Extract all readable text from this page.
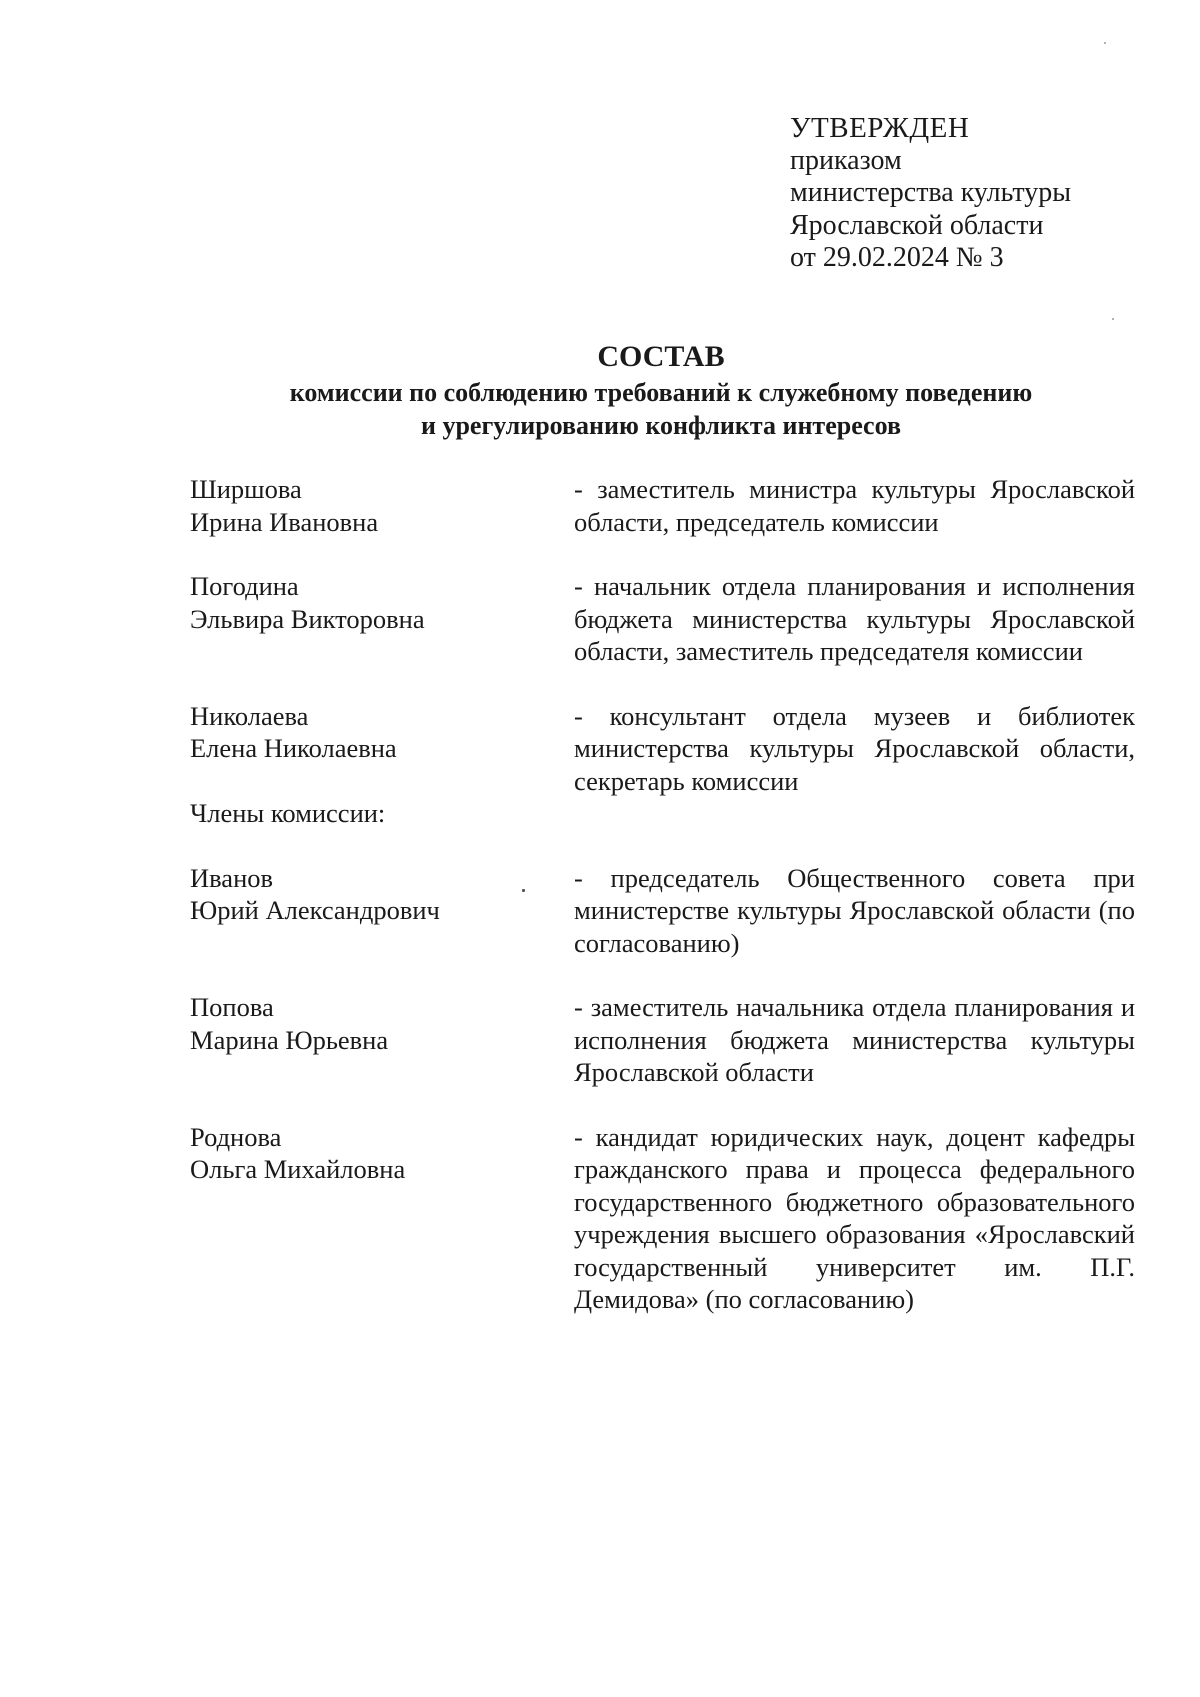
УТВЕРЖДЕН
приказом
министерства культуры
Ярославской области
от 29.02.2024 № 3
СОСТАВ
комиссии по соблюдению требований к служебному поведению
и урегулированию конфликта интересов
Ширшова
Ирина Ивановна
- заместитель министра культуры Ярославской области, председатель комиссии
Погодина
Эльвира Викторовна
- начальник отдела планирования и исполнения бюджета министерства культуры Ярославской области, заместитель председателя комиссии
Николаева
Елена Николаевна
- консультант отдела музеев и библиотек министерства культуры Ярославской области, секретарь комиссии
Члены комиссии:
Иванов
Юрий Александрович
- председатель Общественного совета при министерстве культуры Ярославской области (по согласованию)
Попова
Марина Юрьевна
- заместитель начальника отдела планирования и исполнения бюджета министерства культуры Ярославской области
Роднова
Ольга Михайловна
- кандидат юридических наук, доцент кафедры гражданского права и процесса федерального государственного бюджетного образовательного учреждения высшего образования «Ярославский государственный университет им. П.Г. Демидова» (по согласованию)
